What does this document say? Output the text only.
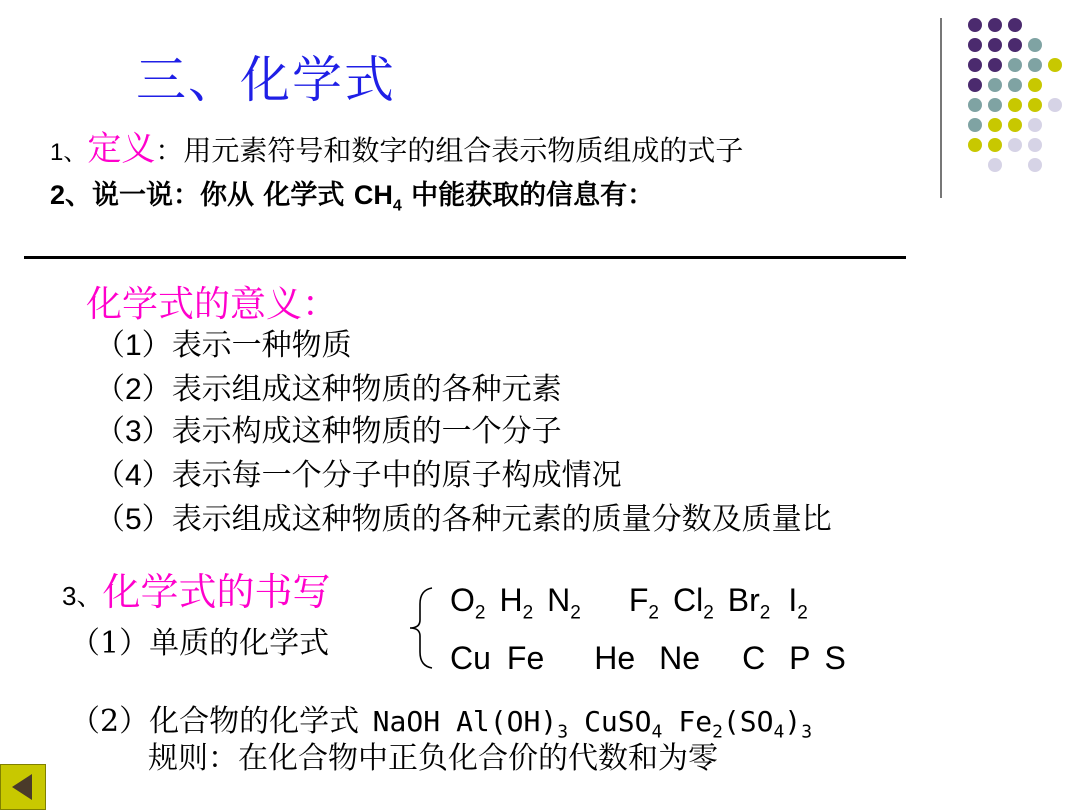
三、化学式
1、定义：用元素符号和数字的组合表示物质组成的式子
2、说一说：你从 化学式 $CH_4$ 中能获取的信息有：
化学式的意义：
（1）表示一种物质
（2）表示组成这种物质的各种元素
（3）表示构成这种物质的一个分子
（4）表示每一个分子中的原子构成情况
（5）表示组成这种物质的各种元素的质量分数及质量比
3、化学式的书写
（1）单质的化学式
$O_2$ $H_2$ $N_2$ $F_2$ $Cl_2$ $Br_2$ $I_2$
Cu Fe He Ne C P S
（2）化合物的化学式 NaOH $Al(OH)_3$ CuSO$_4$ $Fe_2(SO_4)_3$
规则：在化合物中正负化合价的代数和为零
